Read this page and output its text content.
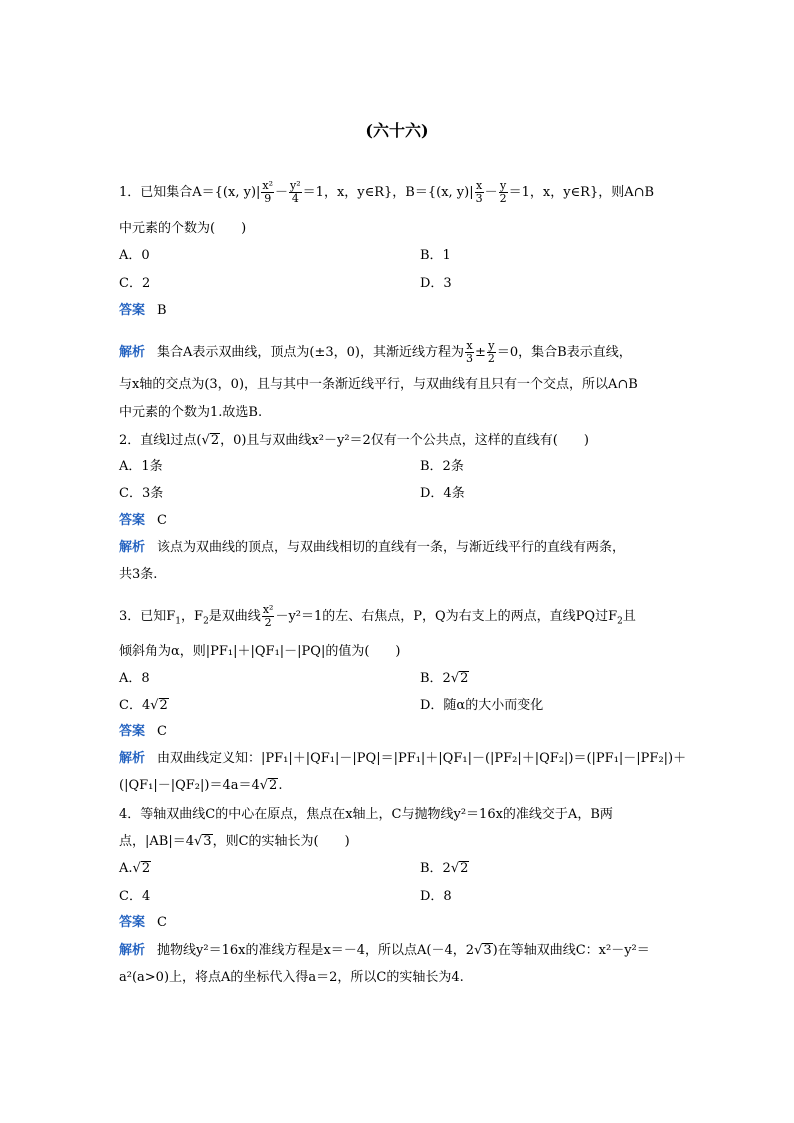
(六十六)
1．已知集合A＝{(x, $y)| \frac{\text{x²}}{9} - \frac{\text{y²}}{4} =1$，x，y∈R}，B＝{(x, $y)| \frac{x}{3} - \frac{y}{2} =1$，x，y∈R}，则A∩B
中元素的个数为(　　)
A．0	B．1
C．2	D．3
答案 B
解析 集合A表示双曲线，顶点为(±3，0)，其渐近线方程为 $\frac{x}{3} \pm \frac{y}{2} =0$，集合B表示直线，
与x轴的交点为(3，0)，且与其中一条渐近线平行，与双曲线有且只有一个交点，所以A∩B
中元素的个数为1.故选B.
2．直线l过点(√2，0)且与双曲线x²－y²＝2仅有一个公共点，这样的直线有(　　)
A．1条	B．2条
C．3条	D．4条
答案 C
解析 该点为双曲线的顶点，与双曲线相切的直线有一条，与渐近线平行的直线有两条，
共3条.
3．已知$F_1$，$F_2$是双曲线 $\frac{\text{x²}}{2} -y^2=1$的左、右焦点，P，Q为右支上的两点，直线PQ过$F_2$且
倾斜角为α，则|PF₁|＋|QF₁|－|PQ|的值为(　　)
A．8	B．2√2
C．4√2	D．随α的大小而变化
答案 C
解析 由双曲线定义知：|PF₁|＋|QF₁|－|PQ|＝|PF₁|＋|QF₁|－(|PF₂|＋|QF₂|)＝(|PF₁|－|PF₂|)＋
(|QF₁|－|QF₂|)＝4a＝4√2.
4．等轴双曲线C的中心在原点，焦点在x轴上，C与抛物线y²＝16x的准线交于A，B两
点，|AB|＝4√3，则C的实轴长为(　　)
A.√2	B．2√2
C．4	D．8
答案 C
解析 抛物线y²＝16x的准线方程是x＝－4，所以点A(－4，2√3)在等轴双曲线C：x²－y²＝
a²(a>0)上，将点A的坐标代入得a＝2，所以C的实轴长为4.
